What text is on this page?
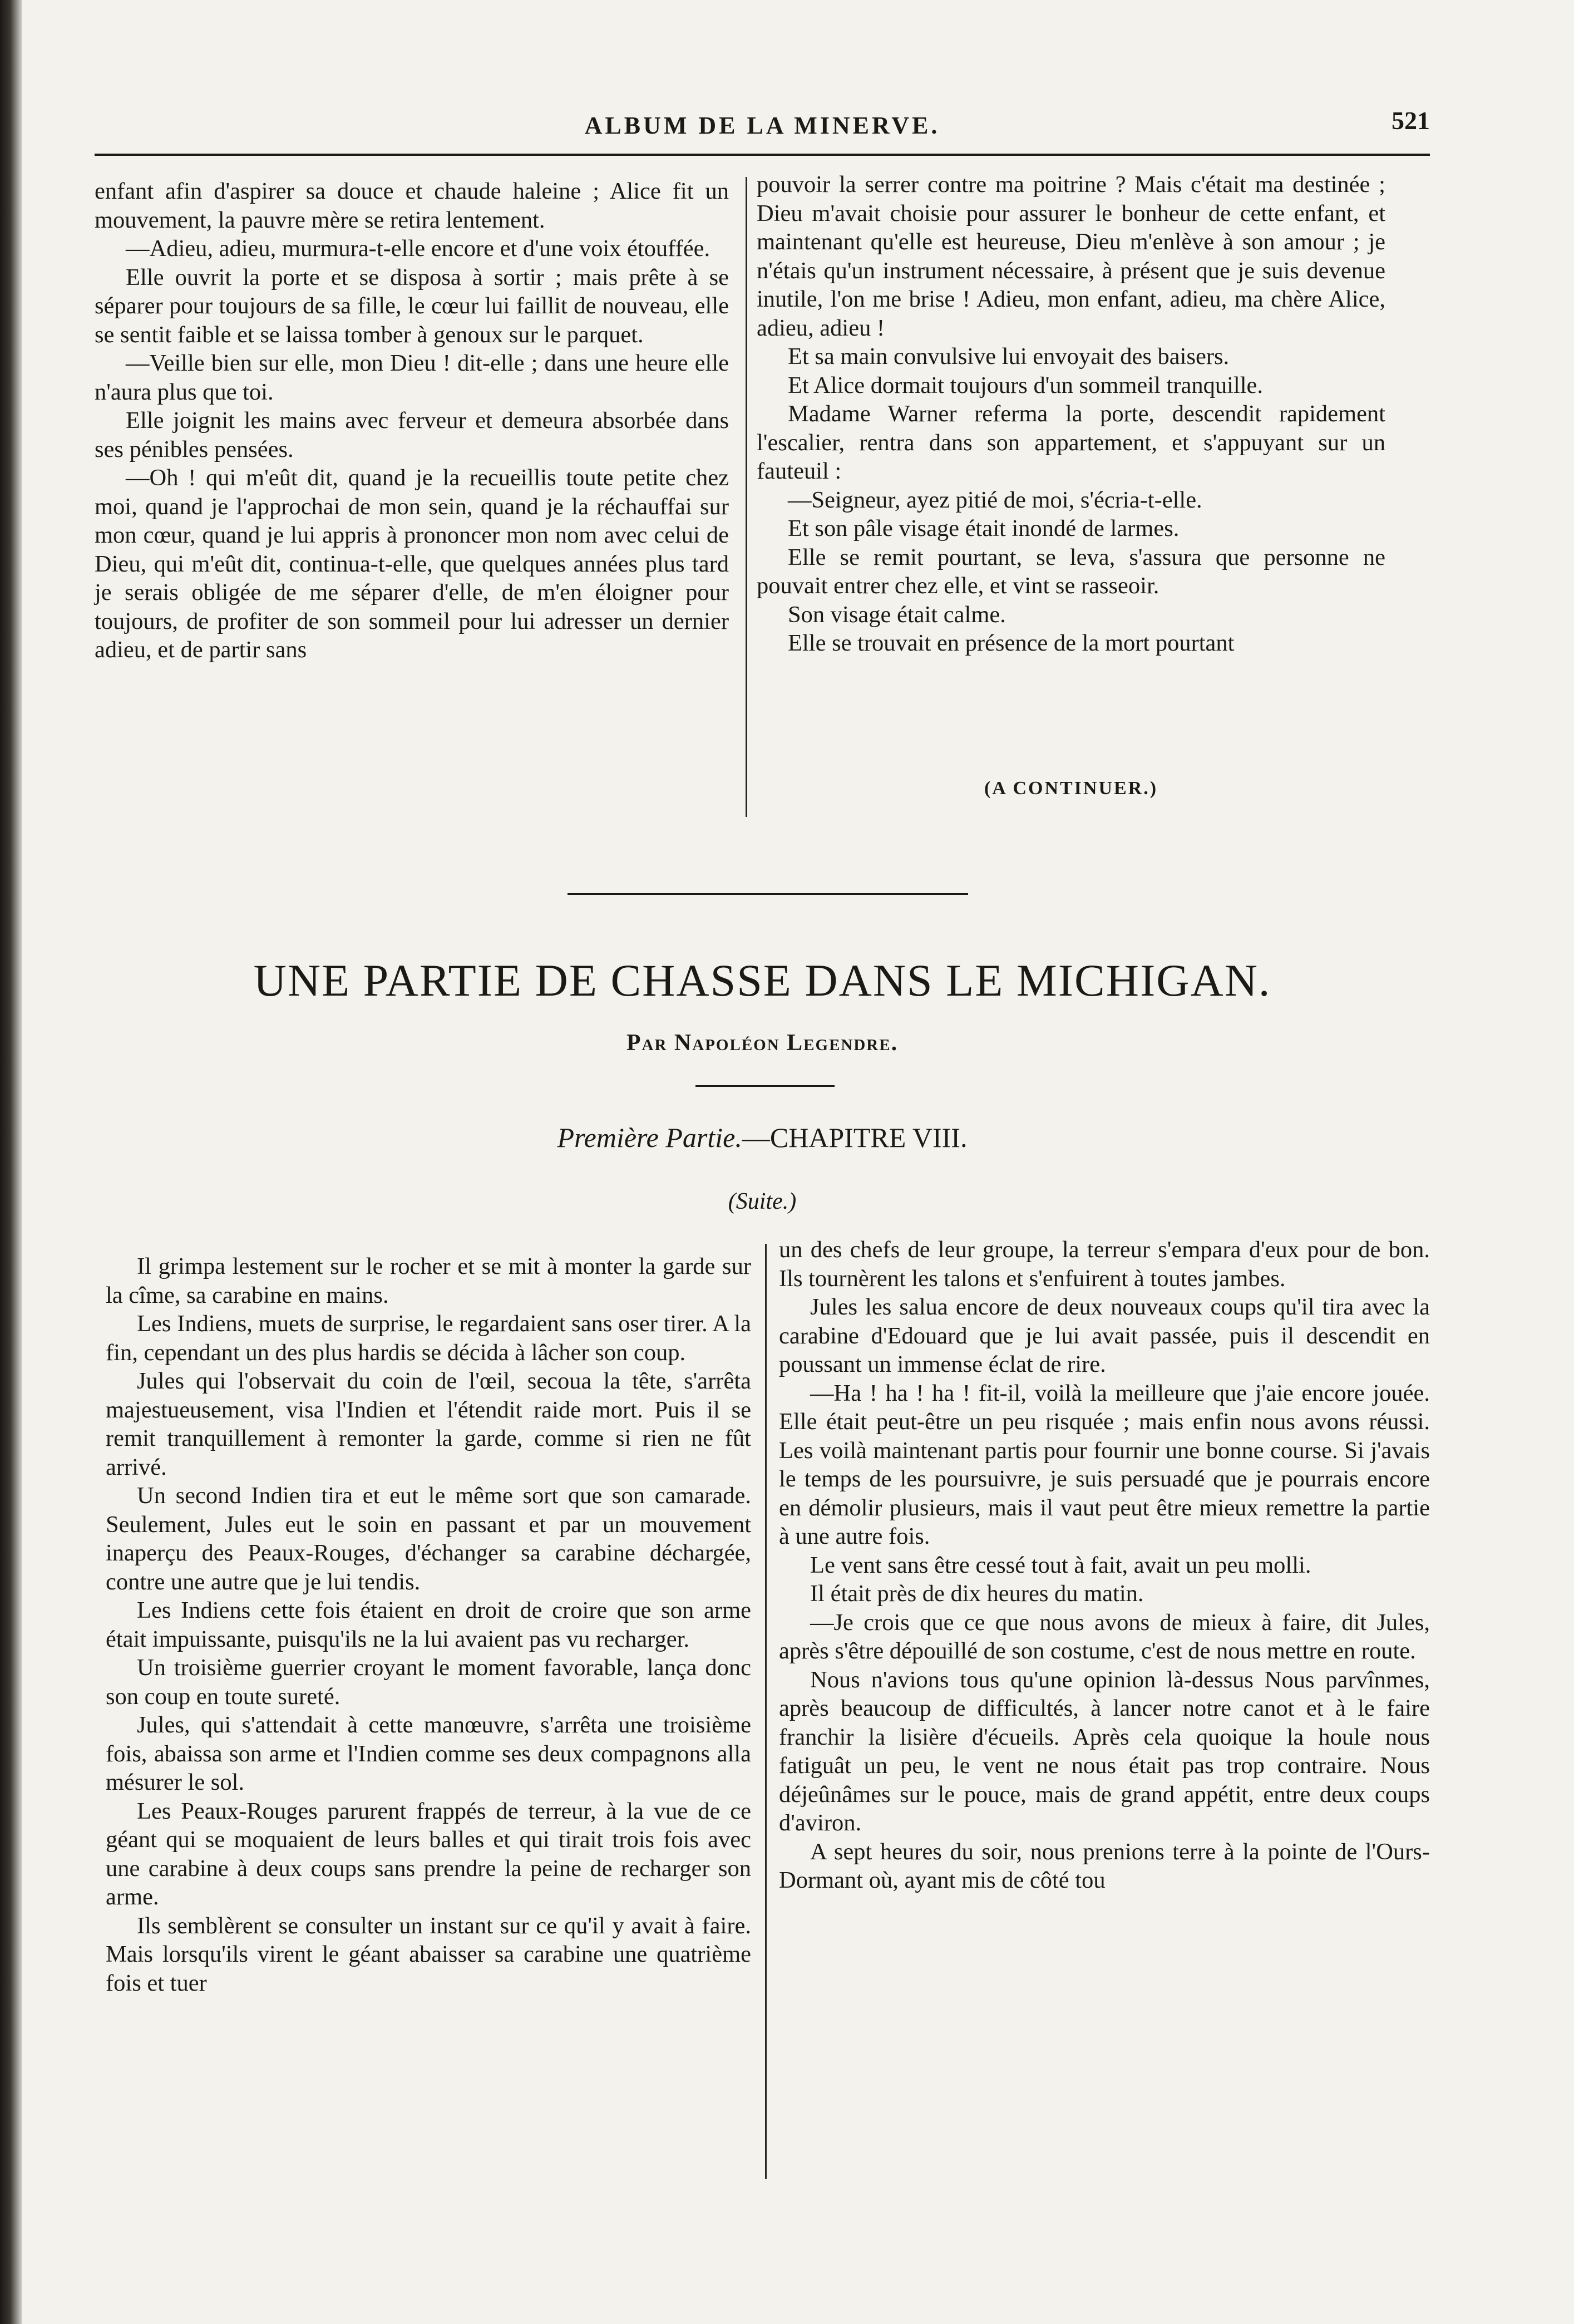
ALBUM DE LA MINERVE.	521

enfant afin d'aspirer sa douce et chaude haleine ; Alice fit un mouvement, la pauvre mère se retira lentement.

—Adieu, adieu, murmura-t-elle encore et d'une voix étouffée.

Elle ouvrit la porte et se disposa à sortir ; mais prête à se séparer pour toujours de sa fille, le cœur lui faillit de nouveau, elle se sentit faible et se laissa tomber à genoux sur le parquet.

—Veille bien sur elle, mon Dieu ! dit-elle ; dans une heure elle n'aura plus que toi.

Elle joignit les mains avec ferveur et demeura absorbée dans ses pénibles pensées.

—Oh ! qui m'eût dit, quand je la recueillis toute petite chez moi, quand je l'approchai de mon sein, quand je la réchauffai sur mon cœur, quand je lui appris à prononcer mon nom avec celui de Dieu, qui m'eût dit, continua-t-elle, que quelques années plus tard je serais obligée de me séparer d'elle, de m'en éloigner pour toujours, de profiter de son sommeil pour lui adresser un dernier adieu, et de partir sans

pouvoir la serrer contre ma poitrine ? Mais c'était ma destinée ; Dieu m'avait choisie pour assurer le bonheur de cette enfant, et maintenant qu'elle est heureuse, Dieu m'enlève à son amour ; je n'étais qu'un instrument nécessaire, à présent que je suis devenue inutile, l'on me brise ! Adieu, mon enfant, adieu, ma chère Alice, adieu, adieu !

Et sa main convulsive lui envoyait des baisers.

Et Alice dormait toujours d'un sommeil tranquille.

Madame Warner referma la porte, descendit rapidement l'escalier, rentra dans son appartement, et s'appuyant sur un fauteuil :

—Seigneur, ayez pitié de moi, s'écria-t-elle.

Et son pâle visage était inondé de larmes.

Elle se remit pourtant, se leva, s'assura que personne ne pouvait entrer chez elle, et vint se rasseoir.

Son visage était calme.

Elle se trouvait en présence de la mort pourtant

(A CONTINUER.)
UNE PARTIE DE CHASSE DANS LE MICHIGAN.
Par Napoléon Legendre.
Première Partie.—CHAPITRE VIII.
(Suite.)

Il grimpa lestement sur le rocher et se mit à monter la garde sur la cîme, sa carabine en mains.

Les Indiens, muets de surprise, le regardaient sans oser tirer. A la fin, cependant un des plus hardis se décida à lâcher son coup.

Jules qui l'observait du coin de l'œil, secoua la tête, s'arrêta majestueusement, visa l'Indien et l'étendit raide mort. Puis il se remit tranquillement à remonter la garde, comme si rien ne fût arrivé.

Un second Indien tira et eut le même sort que son camarade. Seulement, Jules eut le soin en passant et par un mouvement inaperçu des Peaux-Rouges, d'échanger sa carabine déchargée, contre une autre que je lui tendis.

Les Indiens cette fois étaient en droit de croire que son arme était impuissante, puisqu'ils ne la lui avaient pas vu recharger.

Un troisième guerrier croyant le moment favorable, lança donc son coup en toute sureté.

Jules, qui s'attendait à cette manœuvre, s'arrêta une troisième fois, abaissa son arme et l'Indien comme ses deux compagnons alla mésurer le sol.

Les Peaux-Rouges parurent frappés de terreur, à la vue de ce géant qui se moquaient de leurs balles et qui tirait trois fois avec une carabine à deux coups sans prendre la peine de recharger son arme.

Ils semblèrent se consulter un instant sur ce qu'il y avait à faire. Mais lorsqu'ils virent le géant abaisser sa carabine une quatrième fois et tuer

un des chefs de leur groupe, la terreur s'empara d'eux pour de bon. Ils tournèrent les talons et s'enfuirent à toutes jambes.

Jules les salua encore de deux nouveaux coups qu'il tira avec la carabine d'Edouard que je lui avait passée, puis il descendit en poussant un immense éclat de rire.

—Ha ! ha ! ha ! fit-il, voilà la meilleure que j'aie encore jouée. Elle était peut-être un peu risquée ; mais enfin nous avons réussi. Les voilà maintenant partis pour fournir une bonne course. Si j'avais le temps de les poursuivre, je suis persuadé que je pourrais encore en démolir plusieurs, mais il vaut peut être mieux remettre la partie à une autre fois.

Le vent sans être cessé tout à fait, avait un peu molli.

Il était près de dix heures du matin.

—Je crois que ce que nous avons de mieux à faire, dit Jules, après s'être dépouillé de son costume, c'est de nous mettre en route.

Nous n'avions tous qu'une opinion là-dessus Nous parvînmes, après beaucoup de difficultés, à lancer notre canot et à le faire franchir la lisière d'écueils. Après cela quoique la houle nous fatiguât un peu, le vent ne nous était pas trop contraire. Nous déjeûnâmes sur le pouce, mais de grand appétit, entre deux coups d'aviron.

A sept heures du soir, nous prenions terre à la pointe de l'Ours-Dormant où, ayant mis de côté tou
